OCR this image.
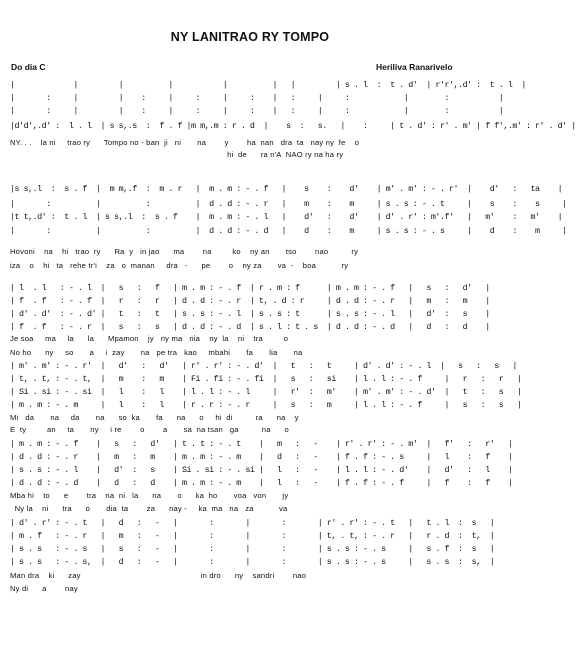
NY LANITRAO RY TOMPO
Do dia C	Heriliva Ranarivelo
|             |         |          |           |          |   |         | s . l  :  t . d'  | r'r',.d' :  t . l  |
|       :     |         |    :     |     :     |     :    |   :     |     :            |        :           |
|       :     |         |    :     |     :     |     :    |   :     |     :            |        :           |
|d'd',.d' :  l . l  | s s,.s  :  f . f |m m,.m : r . d  |    s  :   s.   |    :     | t . d' : r' . m' | f f',.m' : r' . d' |
NY. . .    la ni     trao ry      Tompo no - ban  ji   ni       na        y        ha  nan   dra  ta   nay ny  fe    o
hi  de      ra n'A  NAO ry na ha ry
|s s,.l  :  s . f  |  m m,.f  :  m . r   |  m . m : - . f   |    s    :    d'    | m' . m' : - . r'  |    d'   :   ta    |
|       :          |          :          |  d . d : - . r   |    m    :    m     | s . s : - . t     |    s    :    s     |
|t t,.d' :  t . l  | s s,.l  :  s . f    |  m . m : - . l   |    d'   :    d'    | d' . r' : m'.f'   |   m'    :   m'    |
|       :          |          :          |  d . d : - . d   |    d    :    m     | s . s : - . s     |    d    :    m     |
Hovoni    na    hi   trao  ry      Ra  y   in jao      ma        na         ko    ny an       tso        nao          ry
iza    o    hi   ta   rehe tr'i    za   o  manan     dra   -      pe        o    ny za       va  -    boa           ry
| l  . l   : - . l  |   s   :   f   | m . m : - . f  | r . m : f      | m . m : - . f   |   s   :   d'   |
| f  . f   : - . f  |   r   :   r   | d . d : - . r  | t, . d : r     | d . d : - . r   |   m   :   m    |
| d' . d'  : - . d' |   t   :   t   | s . s : - . l  | s . s : t      | s . s : - . l   |   d'  :   s    |
| f  . f   : - . r  |   s   :   s   | d . d : - . d  | s . l : t . s  | d . d : - . d   |   d   :   d    |
Je soa     ma     la      la      Mpamon    jy   ny ma   nia    ny  la    ni    tra         o
No ho      ny     so       a     i  zay       na   pe tra   kao     mbahi       fa       lia       na
| m' . m' : - . r'  |   d'   :   d'   | r' . r' : - . d'  |   t   :   t     | d' . d' : - . l  |   s   :   s   |
| t, . t, : - . t,  |   m    :   m    | Fi . fi : - . fi  |   s   :   si    | l . l : - . f     |   r   :   r   |
| Si . si : - . si  |   l    :   l    | l . l : - . l     |   r'  :   m'    | m' . m' : - . d'  |   t   :   s   |
| m . m : - . m     |   l    :   l    | r . r : - . r     |   s   :   m     | l . l : - . f     |   s   :   s   |
Mi   da       na     da       na      so  ka       fa      na      o     hi  di          ra      na    y
E  ty         an     ta       ny     i re        o        a       sa  na tsan   ga          na      o
| m . m : - . f    |   s   :   d'   | t . t : - . t    |   m   :   -    | r' . r' : - . m'  |   f'   :   r'   |
| d . d : - . r    |   m   :   m    | m . m : - . m    |   d   :   -    | f . f : - . s     |   l    :   f    |
| s . s : - . l    |   d'  :   s    | Si . si : - . si |   l   :   -    | l . l : - . d'    |   d'   :   l    |
| d . d : - . d    |   d   :   d    | m . m : - . m    |   l   :   -    | f . f : - . f     |   f    :   f    |
Mba hi    to      e        tra    na  ni   la      na       o      ka  ho       voa   von       jy
Ny la    ni      tra      o       dia  ta        za      nay -     ka  ma   na   za           va
| d' . r' : - . t   |   d   :   -   |       :       |       :       | r' . r' : - . t   |   t . l  :  s   |
| m . f   : - . r   |   m   :   -   |       :       |       :       | t, . t, : - . r   |   r . d  :  t,  |
| s . s   : - . s   |   s   :   -   |       :       |       :       | s . s : - . s     |   s . f  :  s   |
| s . s   : - . s,  |   d   :   -   |       :       |       :       | s . s : - . s     |   s . s  :  s,  |
Man dra    ki      zay                                                    in dro      ny    sandri        nao
Ny di      a        nay
